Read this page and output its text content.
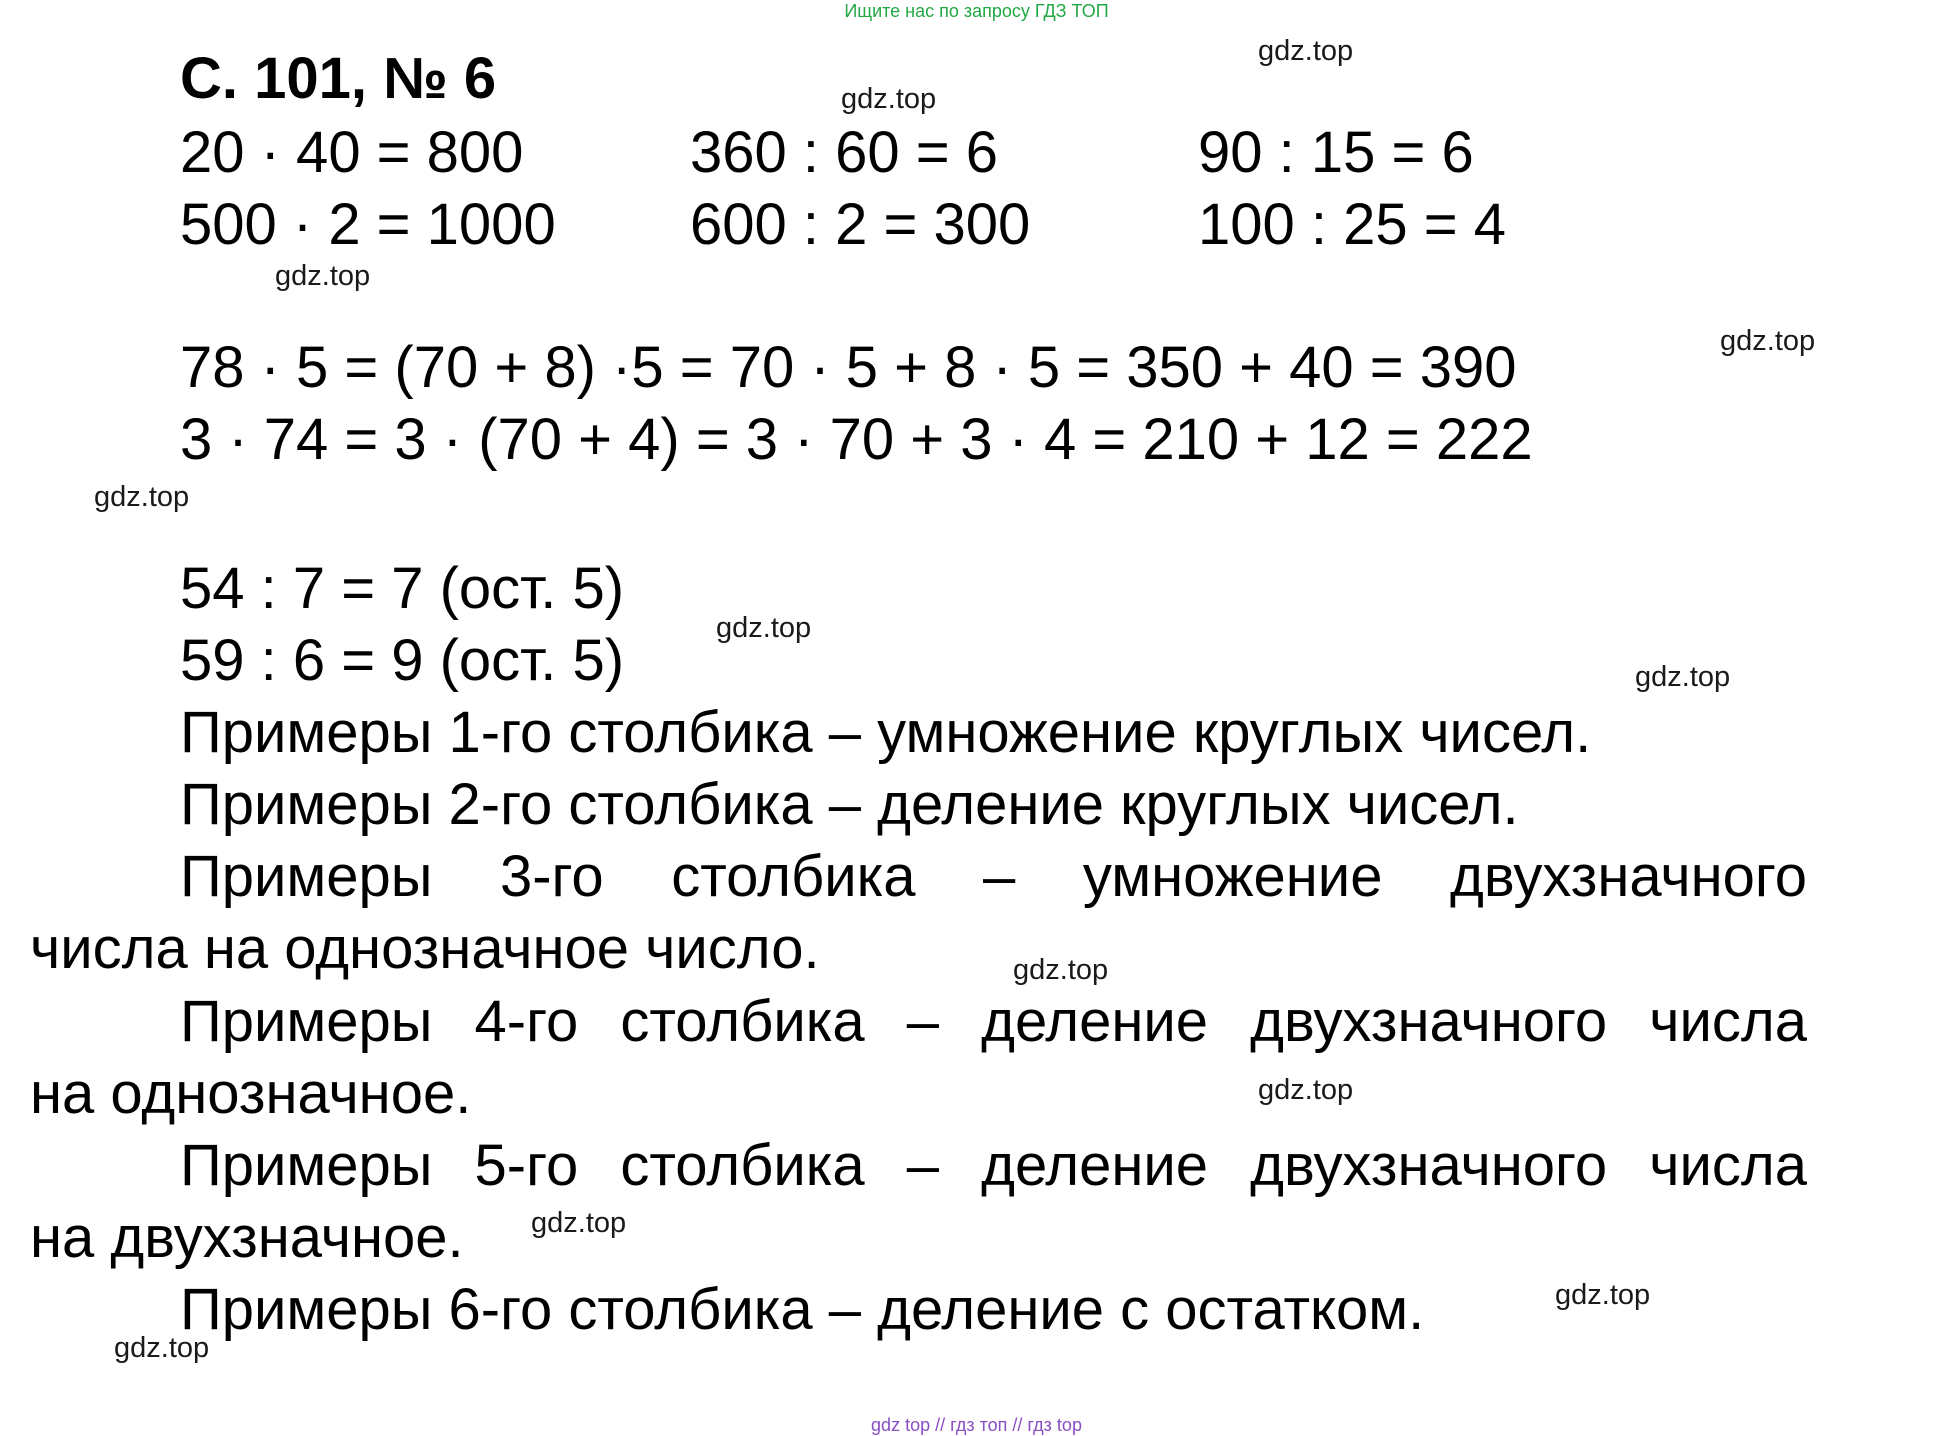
Ищите нас по запросу ГДЗ ТОП
С. 101, № 6
20 · 40 = 800	360 : 60 = 6	90 : 15 = 6
500 · 2 = 1000 600 : 2 = 300	100 : 25 = 4
78 · 5 = (70 + 8) ·5 = 70 · 5 + 8 · 5 = 350 + 40 = 390
3 · 74 = 3 · (70 + 4) = 3 · 70 + 3 · 4 = 210 + 12 = 222
54 : 7 = 7 (ост. 5)
59 : 6 = 9 (ост. 5)
Примеры 1-го столбика – умножение круглых чисел.
Примеры 2-го столбика – деление круглых чисел.
Примеры 3-го столбика – умножение двухзначного
числа на однозначное число.
Примеры 4-го столбика – деление двухзначного числа
на однозначное.
Примеры 5-го столбика – деление двухзначного числа
на двухзначное.
Примеры 6-го столбика – деление с остатком.
gdz.top
gdz.top
gdz.top
gdz.top
gdz.top
gdz.top
gdz.top
gdz.top
gdz.top
gdz.top
gdz.top
gdz.top
gdz top // гдз топ // гдз top
